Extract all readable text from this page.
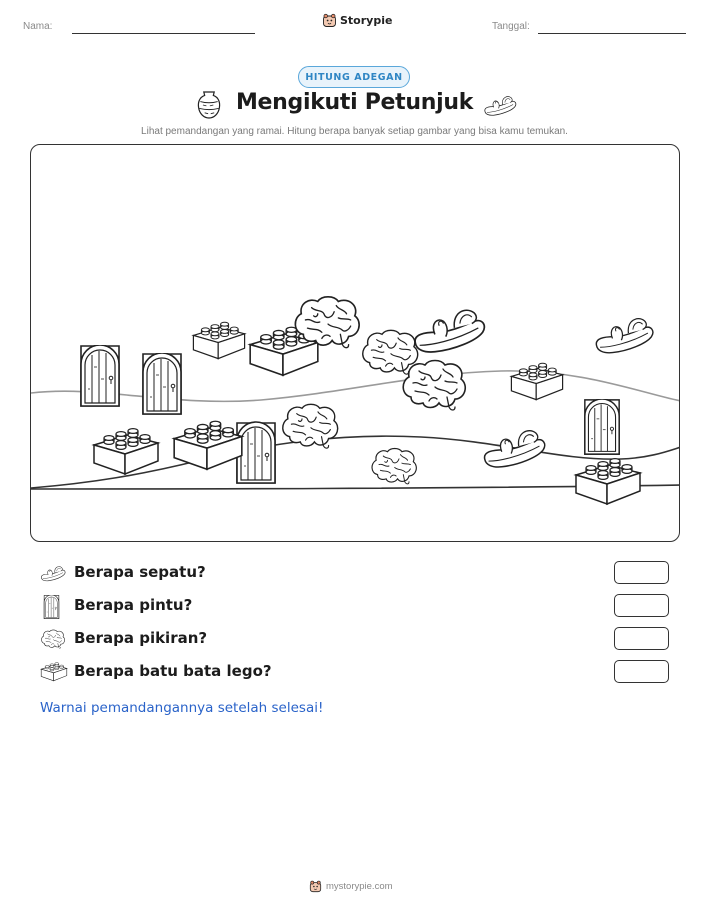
Nama:	Storypie	Tanggal:
HITUNG ADEGAN
Mengikuti Petunjuk
Lihat pemandangan yang ramai. Hitung berapa banyak setiap gambar yang bisa kamu temukan.
Berapa sepatu?
Berapa pintu?
Berapa pikiran?
Berapa batu bata lego?
Warnai pemandangannya setelah selesai!
mystorypie.com
